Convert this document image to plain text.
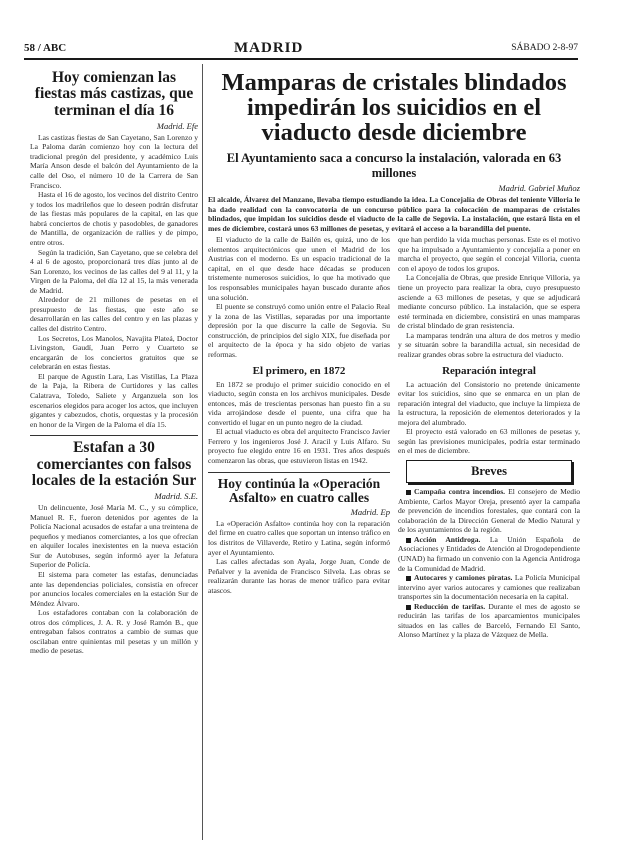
58 / ABC	MADRID	SÁBADO 2-8-97
Hoy comienzan las fiestas más castizas, que terminan el día 16
Madrid. Efe

Las castizas fiestas de San Cayetano, San Lorenzo y La Paloma darán comienzo hoy con la lectura del tradicional pregón del presidente, y académico Luis María Anson desde el balcón del Ayuntamiento de la calle del Oso, el número 10 de la Carrera de San Francisco.

Hasta el 16 de agosto, los vecinos del distrito Centro y todos los madrileños que lo deseen podrán disfrutar de las fiestas más populares de la capital, en las que habrá conciertos de chotis y pasodobles, de ganadores de Mantilla, de organización de rallies y de pimpo, entre otros.

Según la tradición, San Cayetano, que se celebra del 4 al 6 de agosto, proporcionará tres días junto al de San Lorenzo, los vecinos de las calles del 9 al 11, y la Virgen de la Paloma, del día 12 al 15, la más venerada de Madrid.

Alrededor de 21 millones de pesetas en el presupuesto de las fiestas, que este año se desarrollarán en las calles del centro y en las plazas y calles del distrito Centro.

Los Secretos, Los Manolos, Navajita Plateá, Doctor Livingston, Gaudí, Juan Perro y Cuarteto se encargarán de los conciertos gratuitos que se celebrarán en estas fiestas.

El parque de Agustín Lara, Las Vistillas, La Plaza de la Paja, la Ribera de Curtidores y las calles Calatrava, Toledo, Saliete y Arganzuela son los escenarios elegidos para acoger los actos, que incluyen gigantes y cabezudos, chotis, orquestas y la procesión en honor de la Virgen de la Paloma el día 15.

Estafan a 30 comerciantes con falsos locales de la estación Sur
Madrid. S.E.

Un delincuente, José María M. C., y su cómplice, Manuel R. F., fueron detenidos por agentes de la Policía Nacional acusados de estafar a una treintena de pequeños y medianos comerciantes, a los que ofrecían en alquiler locales inexistentes en la nueva estación Sur de Autobuses, según informó ayer la Jefatura Superior de Policía.

El sistema para cometer las estafas, denunciadas ante las dependencias policiales, consistía en ofrecer por anuncios locales comerciales en la estación Sur de Méndez Álvaro.

Los estafadores contaban con la colaboración de otros dos cómplices, J. A. R. y José Ramón B., que entregaban falsos contratos a cambio de sumas que oscilaban entre quinientas mil pesetas y un millón y medio de pesetas.

Mamparas de cristales blindados impedirán los suicidios en el viaducto desde diciembre
El Ayuntamiento saca a concurso la instalación, valorada en 63 millones
Madrid. Gabriel Muñoz

El alcalde, Álvarez del Manzano, llevaba tiempo estudiando la idea. La Concejalía de Obras del teniente Villoria le ha dado realidad con la convocatoria de un concurso público para la colocación de mamparas de cristales blindados, que impidan los suicidios desde el viaducto de la calle de Segovia. La instalación, que estará lista en el mes de diciembre, costará unos 63 millones de pesetas, y evitará el acceso a la barandilla del puente.

El viaducto de la calle de Bailén es, quizá, uno de los elementos arquitectónicos que unen el Madrid de los Austrias con el moderno. Es un espacio tradicional de la capital, en el que desde hace décadas se producen tristemente numerosos suicidios, lo que ha motivado que los responsables municipales hayan buscado durante años una solución.

El puente se construyó como unión entre el Palacio Real y la zona de las Vistillas, separadas por una importante depresión por la que discurre la calle de Segovia. Su construcción, de principios del siglo XIX, fue diseñada por el arquitecto de la época y ha sido objeto de varias reformas.

El primero, en 1872

En 1872 se produjo el primer suicidio conocido en el viaducto, según consta en los archivos municipales. Desde entonces, más de trescientas personas han puesto fin a su vida arrojándose desde el puente, una cifra que ha convertido el lugar en un punto negro de la ciudad.

El actual viaducto es obra del arquitecto Francisco Javier Ferrero y los ingenieros José J. Aracil y Luis Alfaro. Su proyecto fue elegido entre 16 en 1931. Tres años después comenzaron las obras, que estuvieron listas en 1942.

Hoy continúa la «Operación Asfalto» en cuatro calles
Madrid. Ep

La «Operación Asfalto» continúa hoy con la reparación del firme en cuatro calles que soportan un intenso tráfico en los distritos de Villaverde, Retiro y Latina, según informó ayer el Ayuntamiento.

Las calles afectadas son Ayala, Jorge Juan, Conde de Peñalver y la avenida de Francisco Silvela. Las obras se realizarán durante las horas de menor tráfico para evitar atascos.

que han perdido la vida muchas personas. Este es el motivo que ha impulsado a Ayuntamiento y concejalía a poner en marcha el proyecto, que según el concejal Villoria, cuenta con el apoyo de todos los grupos.

La Concejalía de Obras, que preside Enrique Villoria, ya tiene un proyecto para realizar la obra, cuyo presupuesto asciende a 63 millones de pesetas, y que se adjudicará mediante concurso público. La instalación, que se espera esté terminada en diciembre, consistirá en unas mamparas de cristal blindado de gran resistencia.

La mamparas tendrán una altura de dos metros y medio y se situarán sobre la barandilla actual, sin necesidad de realizar grandes obras sobre la estructura del viaducto.

Reparación integral

La actuación del Consistorio no pretende únicamente evitar los suicidios, sino que se enmarca en un plan de reparación integral del viaducto, que incluye la limpieza de la estructura, la reposición de elementos deteriorados y la mejora del alumbrado.

El proyecto está valorado en 63 millones de pesetas y, según las previsiones municipales, podría estar terminado en el mes de diciembre.

Breves

Campaña contra incendios. El consejero de Medio Ambiente, Carlos Mayor Oreja, presentó ayer la campaña de prevención de incendios forestales, que contará con la colaboración de la Dirección General de Medio Natural y de los ayuntamientos de la región.

Acción Antidroga. La Unión Española de Asociaciones y Entidades de Atención al Drogodependiente (UNAD) ha firmado un convenio con la Agencia Antidroga de la Comunidad de Madrid.

Autocares y camiones piratas. La Policía Municipal intervino ayer varios autocares y camiones que realizaban transportes sin la documentación necesaria en la capital.

Reducción de tarifas. Durante el mes de agosto se reducirán las tarifas de los aparcamientos municipales situados en las calles de Barceló, Fernando El Santo, Alonso Martínez y la plaza de Vázquez de Mella.
